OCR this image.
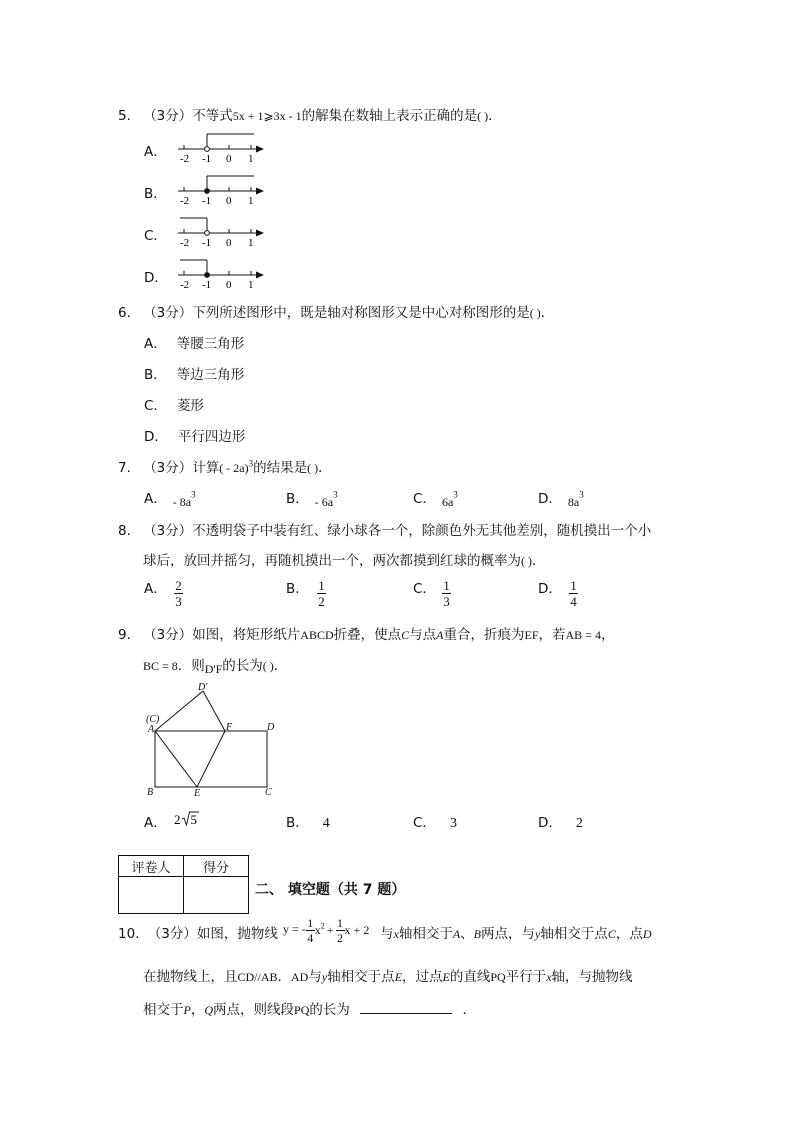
5. （3分）不等式5x + 1⩾3x - 1的解集在数轴上表示正确的是( )．
A．
B．
C．
D．
-2 -1 0 1
-2 -1 0 1
-2 -1 0 1
-2 -1 0 1
6. （3分）下列所述图形中，既是轴对称图形又是中心对称图形的是( )．
A． 等腰三角形
B． 等边三角形
C． 菱形
D． 平行四边形
7. （3分）计算( - 2a)$^3$的结果是( )．
A． - $8a^3$	B． - $6a^3$	C． $6a^3$	D． $8a^3$
8. （3分）不透明袋子中装有红、绿小球各一个，除颜色外无其他差别，随机摸出一个小
球后，放回并摇匀，再随机摸出一个，两次都摸到红球的概率为( )．
A． $\frac{2}{3}$	B． $\frac{1}{2}$	C． $\frac{1}{3}$	D． $\frac{1}{4}$
9. （3分）如图，将矩形纸片ABCD折叠，使点C与点A重合，折痕为EF，若AB = 4，
BC = 8．则D'F的长为( )．
D'
(C)
A	F	D
B	E	C
A． 2 5	B． 4	C． 3	D． 2
评卷人	得分

二、 填空题（共 7 题）
10. （3分）如图，抛物线 y = - $\frac{1}{4} x^2 + \frac{1}{2}$ x + 2 与x轴相交于A、B两点，与y轴相交于点C，点D
在抛物线上，且CD//AB．AD与y轴相交于点E，过点E的直线PQ平行于x轴，与抛物线
相交于P，Q两点，则线段PQ的长为	．
